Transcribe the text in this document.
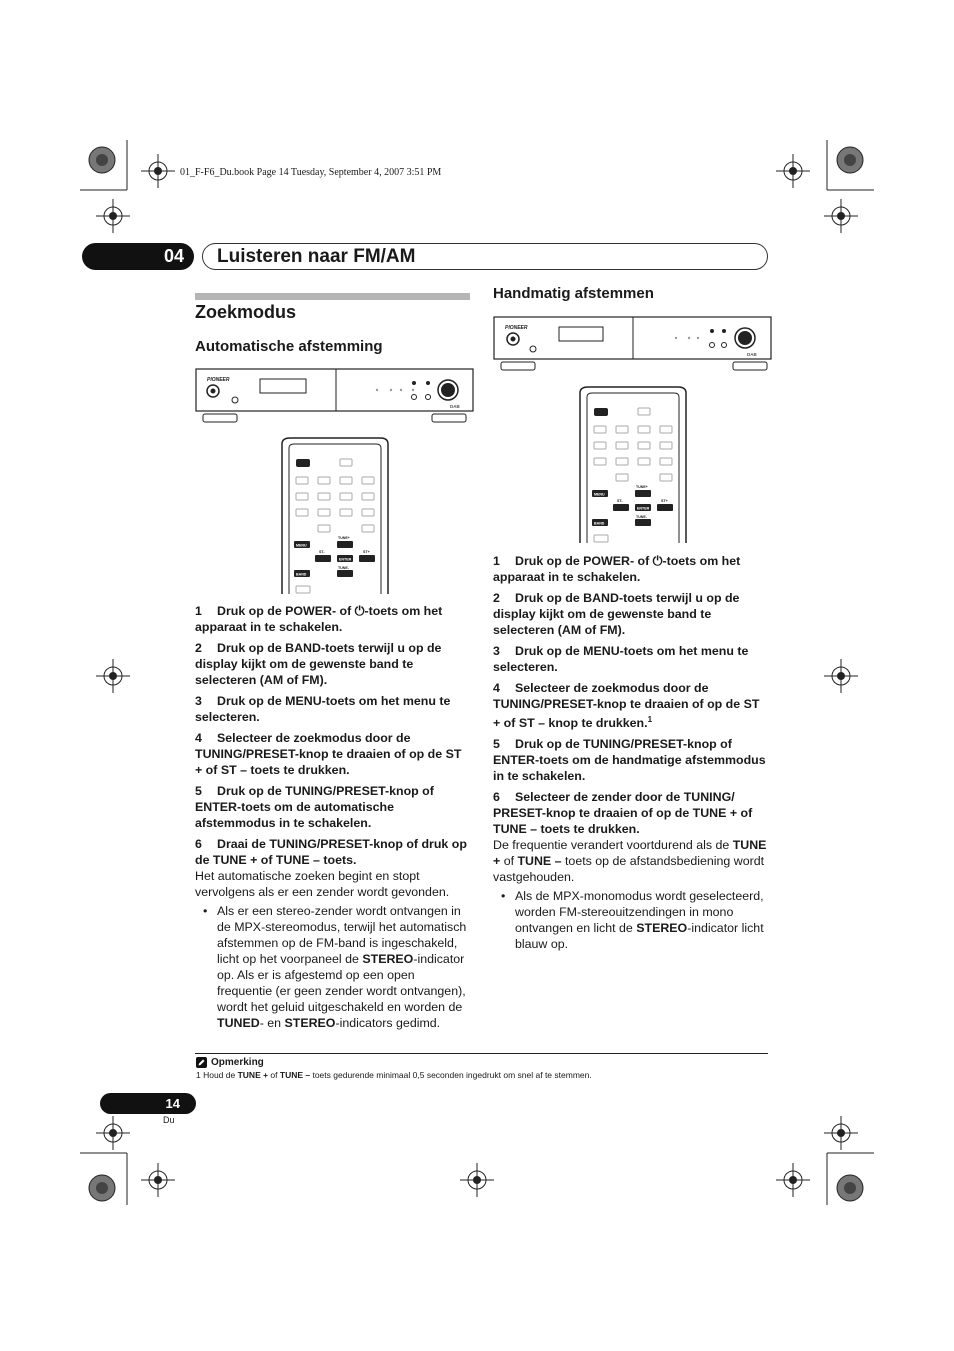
01_F-F6_Du.book Page 14 Tuesday, September 4, 2007 3:51 PM
04	Luisteren naar FM/AM
Zoekmodus
Automatische afstemming
Handmatig afstemmen
PIONEER
DAB
PIONEER
DAB
MENU
TUNE+
ST-	ST+
ENTER
TUNE-
BAND
MENU
TUNE+
ST-	ST+
ENTER
TUNE-
BAND

1 Druk op de POWER- of ⏻-toets om het apparaat in te schakelen.

2 Druk op de BAND-toets terwijl u op de display kijkt om de gewenste band te selecteren (AM of FM).

3 Druk op de MENU-toets om het menu te selecteren.

4 Selecteer de zoekmodus door de TUNING/PRESET-knop te draaien of op de ST + of ST – toets te drukken.

5 Druk op de TUNING/PRESET-knop of ENTER-toets om de automatische afstemmodus in te schakelen.

6 Draai de TUNING/PRESET-knop of druk op de TUNE + of TUNE – toets.

Het automatische zoeken begint en stopt vervolgens als er een zender wordt gevonden.

• Als er een stereo-zender wordt ontvangen in de MPX-stereomodus, terwijl het automatisch afstemmen op de FM-band is ingeschakeld, licht op het voorpaneel de STEREO-indicator op. Als er is afgestemd op een open frequentie (er geen zender wordt ontvangen), wordt het geluid uitgeschakeld en worden de TUNED- en STEREO-indicators gedimd.

1 Druk op de POWER- of ⏻-toets om het apparaat in te schakelen.

2 Druk op de BAND-toets terwijl u op de display kijkt om de gewenste band te selecteren (AM of FM).

3 Druk op de MENU-toets om het menu te selecteren.

4 Selecteer de zoekmodus door de TUNING/PRESET-knop te draaien of op de ST + of ST – knop te drukken.$^1$

5 Druk op de TUNING/PRESET-knop of ENTER-toets om de handmatige afstemmodus in te schakelen.

6 Selecteer de zender door de TUNING/ PRESET-knop te draaien of op de TUNE + of TUNE – toets te drukken.

De frequentie verandert voortdurend als de TUNE + of TUNE – toets op de afstandsbediening wordt vastgehouden.

• Als de MPX-monomodus wordt geselecteerd, worden FM-stereouitzendingen in mono ontvangen en licht de STEREO-indicator licht blauw op.
Opmerking
1 Houd de TUNE + of TUNE – toets gedurende minimaal 0,5 seconden ingedrukt om snel af te stemmen.
14
Du
